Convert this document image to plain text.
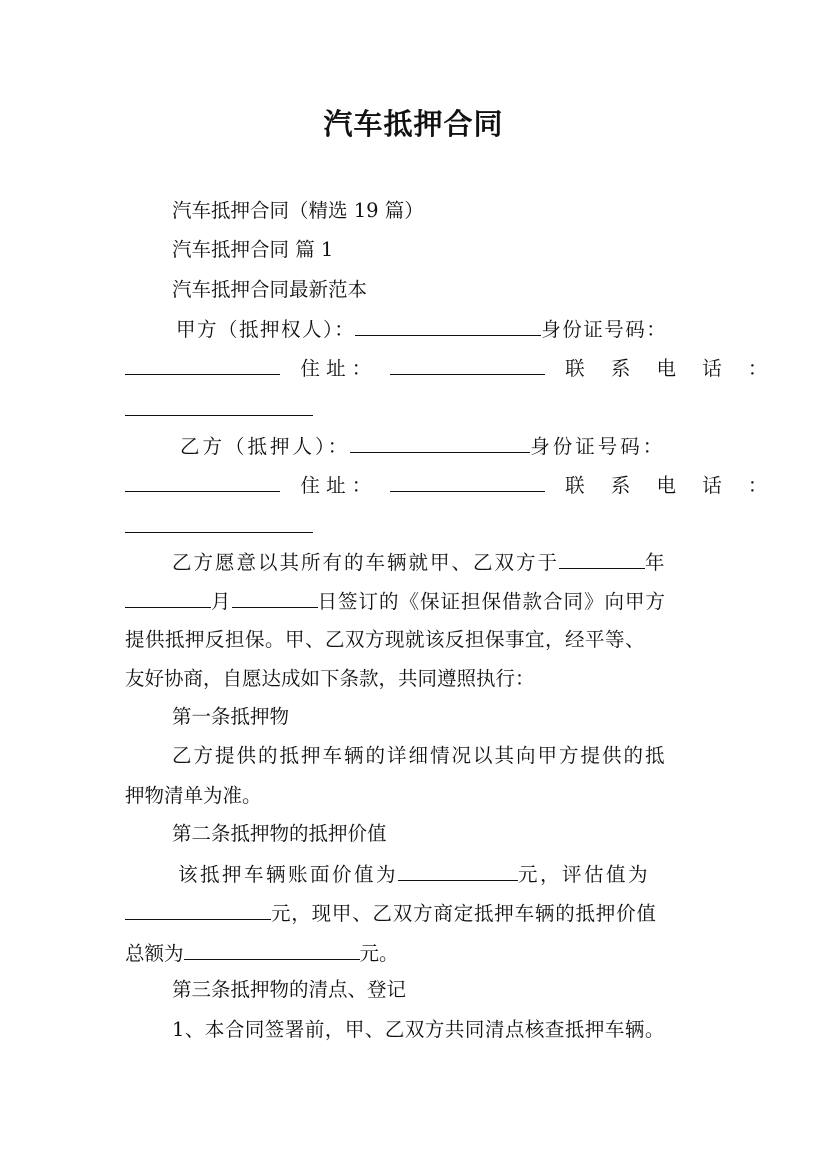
汽车抵押合同
汽车抵押合同（精选 19 篇）
汽车抵押合同 篇 1
汽车抵押合同最新范本
甲方（抵押权人）：	身份证号码：
住 址 ：	联 系 电 话 ：
乙方（抵押人）：	身份证号码：
住 址 ：	联 系 电 话 ：
乙方愿意以其所有的车辆就甲、乙双方于	年
月	日签订的《保证担保借款合同》向甲方
提供抵押反担保。甲、乙双方现就该反担保事宜，经平等、
友好协商，自愿达成如下条款，共同遵照执行：
第一条抵押物
乙方提供的抵押车辆的详细情况以其向甲方提供的抵
押物清单为准。
第二条抵押物的抵押价值
该抵押车辆账面价值为	元，评估值为
元，现甲、乙双方商定抵押车辆的抵押价值
总额为	元。
第三条抵押物的清点、登记
1、本合同签署前，甲、乙双方共同清点核查抵押车辆。
